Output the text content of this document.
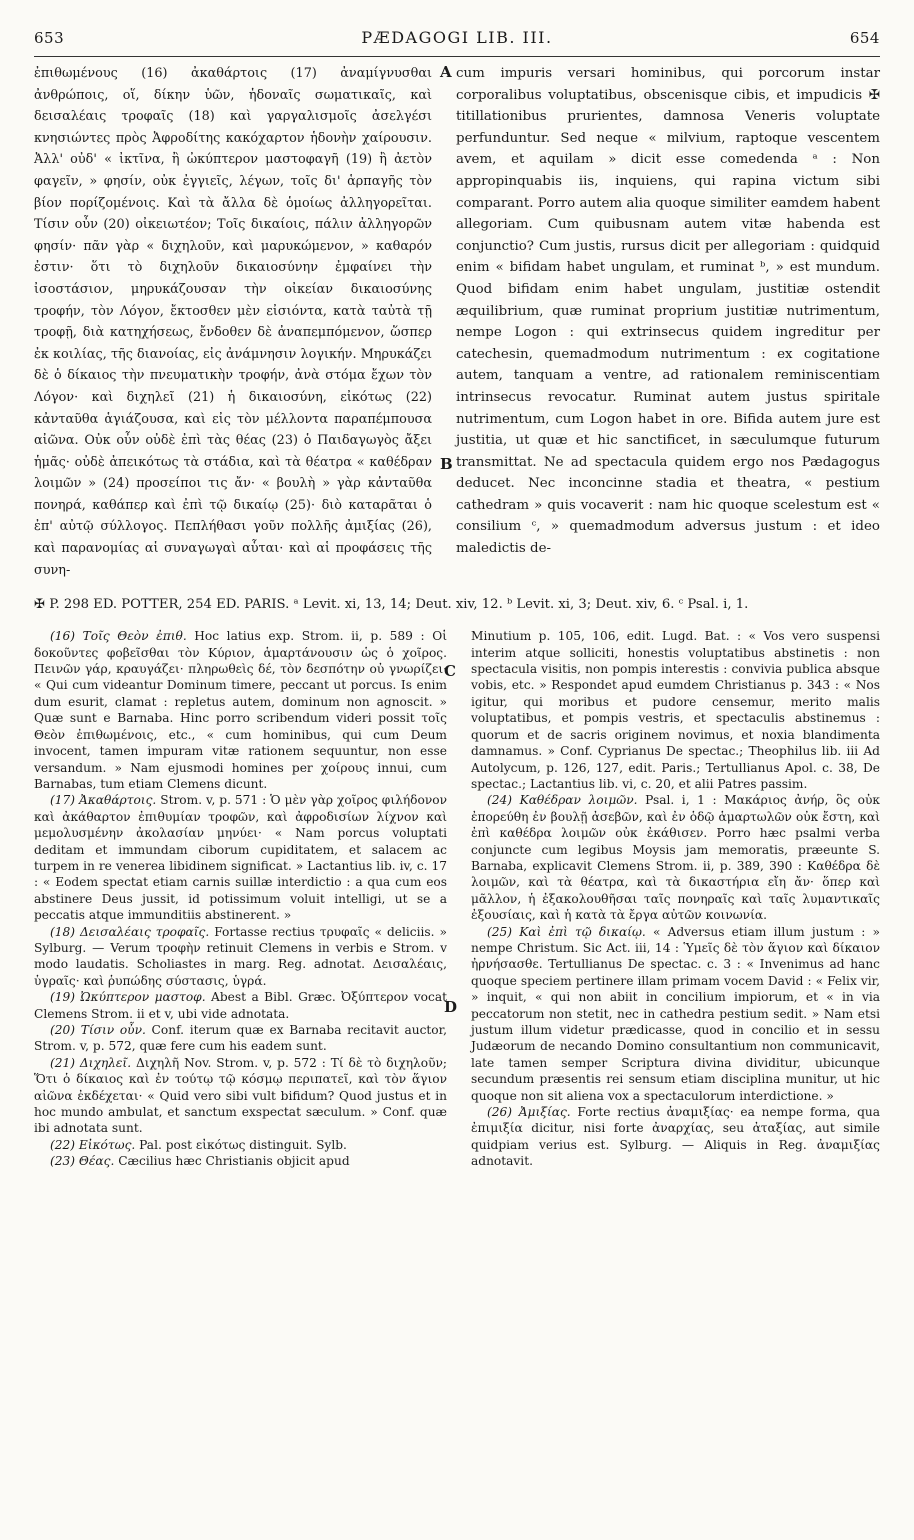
653	PÆDAGOGI LIB. III.	654

ἐπιθωμένους (16) ἀκαθάρτοις (17) ἀναμίγνυσθαι ἀνθρώποις, οἵ, δίκην ὑῶν, ἡδοναῖς σωματικαῖς, καὶ δεισαλέαις τροφαῖς (18) καὶ γαργαλισμοῖς ἀσελγέσι κνησιώντες πρὸς Ἀφροδίτης κακόχαρτον ἡδονὴν χαίρουσιν. Ἀλλ' οὐδ' « ἰκτῖνα, ἢ ὠκύπτερον μαστοφαγῆ (19) ἢ ἀετὸν φαγεῖν, » φησίν, οὐκ ἐγγιεῖς, λέγων, τοῖς δι' ἁρπαγῆς τὸν βίον πορίζομένοις. Καὶ τὰ ἄλλα δὲ ὁμοίως ἀλληγορεῖται. Τίσιν οὖν (20) οἰκειωτέον; Τοῖς δικαίοις, πάλιν ἀλληγορῶν φησίν· πᾶν γὰρ « διχηλοῦν, καὶ μαρυκώμενον, » καθαρόν ἐστιν· ὅτι τὸ διχηλοῦν δικαιοσύνην ἐμφαίνει τὴν ἰσοστάσιον, μηρυκάζουσαν τὴν οἰκείαν δικαιοσύνης τροφήν, τὸν Λόγον, ἔκτοσθεν μὲν εἰσιόντα, κατὰ ταὐτὰ τῇ τροφῇ, διὰ κατηχήσεως, ἔνδοθεν δὲ ἀναπεμπόμενον, ὥσπερ ἐκ κοιλίας, τῆς διανοίας, εἰς ἀνάμνησιν λογικήν. Μηρυκάζει δὲ ὁ δίκαιος τὴν πνευματικὴν τροφήν, ἀνὰ στόμα ἔχων τὸν Λόγον· καὶ διχηλεῖ (21) ἡ δικαιοσύνη, εἰκότως (22) κἀνταῦθα ἁγιάζουσα, καὶ εἰς τὸν μέλλοντα παραπέμπουσα αἰῶνα. Οὐκ οὖν οὐδὲ ἐπὶ τὰς θέας (23) ὁ Παιδαγωγὸς ἄξει ἡμᾶς· οὐδὲ ἀπεικότως τὰ στάδια, καὶ τὰ θέατρα « καθέδραν λοιμῶν » (24) προσείποι τις ἄν· « βουλὴ » γὰρ κἀνταῦθα πονηρά, καθάπερ καὶ ἐπὶ τῷ δικαίῳ (25)· διὸ καταρᾶται ὁ ἐπ' αὐτῷ σύλλογος. Πεπλήθασι γοῦν πολλῆς ἀμιξίας (26), καὶ παρανομίας αἱ συναγωγαὶ αὗται· καὶ αἱ προφάσεις τῆς συνη-

cum impuris versari hominibus, qui porcorum instar corporalibus voluptatibus, obscenisque cibis, et impudicis ✠ titillationibus prurientes, damnosa Veneris voluptate perfunduntur. Sed neque « milvium, raptoque vescentem avem, et aquilam » dicit esse comedenda ᵃ : Non appropinquabis iis, inquiens, qui rapina victum sibi comparant. Porro autem alia quoque similiter eamdem habent allegoriam. Cum quibusnam autem vitæ habenda est conjunctio? Cum justis, rursus dicit per allegoriam : quidquid enim « bifidam habet ungulam, et ruminat ᵇ, » est mundum. Quod bifidam enim habet ungulam, justitiæ ostendit æquilibrium, quæ ruminat proprium justitiæ nutrimentum, nempe Logon : qui extrinsecus quidem ingreditur per catechesin, quemadmodum nutrimentum : ex cogitatione autem, tanquam a ventre, ad rationalem reminiscentiam intrinsecus revocatur. Ruminat autem justus spiritale nutrimentum, cum Logon habet in ore. Bifida autem jure est justitia, ut quæ et hic sanctificet, in sæculumque futurum transmittat. Ne ad spectacula quidem ergo nos Pædagogus deducet. Nec inconcinne stadia et theatra, « pestium cathedram » quis vocaverit : nam hic quoque scelestum est « consilium ᶜ, » quemadmodum adversus justum : et ideo maledictis de-

A
B
✠ P. 298 ED. POTTER, 254 ED. PARIS. ᵃ Levit. xi, 13, 14; Deut. xiv, 12. ᵇ Levit. xi, 3; Deut. xiv, 6. ᶜ Psal. i, 1.

(16) Τοῖς Θεὸν ἐπιθ. Hoc latius exp. Strom. ii, p. 589 : Οἱ δοκοῦντες φοβεῖσθαι τὸν Κύριον, ἁμαρτάνουσιν ὡς ὁ χοῖρος. Πεινῶν γάρ, κραυγάζει· πληρωθεὶς δέ, τὸν δεσπότην οὐ γνωρίζει· « Qui cum videantur Dominum timere, peccant ut porcus. Is enim dum esurit, clamat : repletus autem, dominum non agnoscit. » Quæ sunt e Barnaba. Hinc porro scribendum videri possit τοῖς Θεὸν ἐπιθωμένοις, etc., « cum hominibus, qui cum Deum invocent, tamen impuram vitæ rationem sequuntur, non esse versandum. » Nam ejusmodi homines per χοίρους innui, cum Barnabas, tum etiam Clemens dicunt.

(17) Ἀκαθάρτοις. Strom. v, p. 571 : Ὁ μὲν γὰρ χοῖρος φιλήδονον καὶ ἀκάθαρτον ἐπιθυμίαν τροφῶν, καὶ ἀφροδισίων λίχνον καὶ μεμολυσμένην ἀκολασίαν μηνύει· « Nam porcus voluptati deditam et immundam ciborum cupiditatem, et salacem ac turpem in re venerea libidinem significat. » Lactantius lib. iv, c. 17 : « Eodem spectat etiam carnis suillæ interdictio : a qua cum eos abstinere Deus jussit, id potissimum voluit intelligi, ut se a peccatis atque immunditiis abstinerent. »

(18) Δεισαλέαις τροφαῖς. Fortasse rectius τρυφαῖς « deliciis. » Sylburg. — Verum τροφὴν retinuit Clemens in verbis e Strom. v modo laudatis. Scholiastes in marg. Reg. adnotat. Δεισαλέαις, ὑγραῖς· καὶ ῥυπώδης σύστασις, ὑγρά.

(19) Ὠκύπτερον μαστοφ. Abest a Bibl. Græc. Ὀξύπτερον vocat Clemens Strom. ii et v, ubi vide adnotata.

(20) Τίσιν οὖν. Conf. iterum quæ ex Barnaba recitavit auctor, Strom. v, p. 572, quæ fere cum his eadem sunt.

(21) Διχηλεῖ. Διχηλῆ Nov. Strom. v, p. 572 : Τί δὲ τὸ διχηλοῦν; Ὅτι ὁ δίκαιος καὶ ἐν τούτῳ τῷ κόσμῳ περιπατεῖ, καὶ τὸν ἅγιον αἰῶνα ἐκδέχεται· « Quid vero sibi vult bifidum? Quod justus et in hoc mundo ambulat, et sanctum exspectat sæculum. » Conf. quæ ibi adnotata sunt.

(22) Εἰκότως. Pal. post εἰκότως distinguit. Sylb.

(23) Θέας. Cæcilius hæc Christianis objicit apud

Minutium p. 105, 106, edit. Lugd. Bat. : « Vos vero suspensi interim atque solliciti, honestis voluptatibus abstinetis : non spectacula visitis, non pompis interestis : convivia publica absque vobis, etc. » Respondet apud eumdem Christianus p. 343 : « Nos igitur, qui moribus et pudore censemur, merito malis voluptatibus, et pompis vestris, et spectaculis abstinemus : quorum et de sacris originem novimus, et noxia blandimenta damnamus. » Conf. Cyprianus De spectac.; Theophilus lib. iii Ad Autolycum, p. 126, 127, edit. Paris.; Tertullianus Apol. c. 38, De spectac.; Lactantius lib. vi, c. 20, et alii Patres passim.

(24) Καθέδραν λοιμῶν. Psal. i, 1 : Μακάριος ἀνήρ, ὃς οὐκ ἐπορεύθη ἐν βουλῇ ἀσεβῶν, καὶ ἐν ὁδῷ ἁμαρτωλῶν οὐκ ἔστη, καὶ ἐπὶ καθέδρα λοιμῶν οὐκ ἐκάθισεν. Porro hæc psalmi verba conjuncte cum legibus Moysis jam memoratis, præeunte S. Barnaba, explicavit Clemens Strom. ii, p. 389, 390 : Καθέδρα δὲ λοιμῶν, καὶ τὰ θέατρα, καὶ τὰ δικαστήρια εἴη ἄν· ὅπερ καὶ μᾶλλον, ἡ ἐξακολουθῆσαι ταῖς πονηραῖς καὶ ταῖς λυμαντικαῖς ἐξουσίαις, καὶ ἡ κατὰ τὰ ἔργα αὐτῶν κοινωνία.

(25) Καὶ ἐπὶ τῷ δικαίῳ. « Adversus etiam illum justum : » nempe Christum. Sic Act. iii, 14 : Ὑμεῖς δὲ τὸν ἅγιον καὶ δίκαιον ἠρνήσασθε. Tertullianus De spectac. c. 3 : « Invenimus ad hanc quoque speciem pertinere illam primam vocem David : « Felix vir, » inquit, « qui non abiit in concilium impiorum, et « in via peccatorum non stetit, nec in cathedra pestium sedit. » Nam etsi justum illum videtur prædicasse, quod in concilio et in sessu Judæorum de necando Domino consultantium non communicavit, late tamen semper Scriptura divina dividitur, ubicunque secundum præsentis rei sensum etiam disciplina munitur, ut hic quoque non sit aliena vox a spectaculorum interdictione. »

(26) Ἀμιξίας. Forte rectius ἀναμιξίας· ea nempe forma, qua ἐπιμιξία dicitur, nisi forte ἀναρχίας, seu ἀταξίας, aut simile quidpiam verius est. Sylburg. — Aliquis in Reg. ἀναμιξίας adnotavit.

C
D
